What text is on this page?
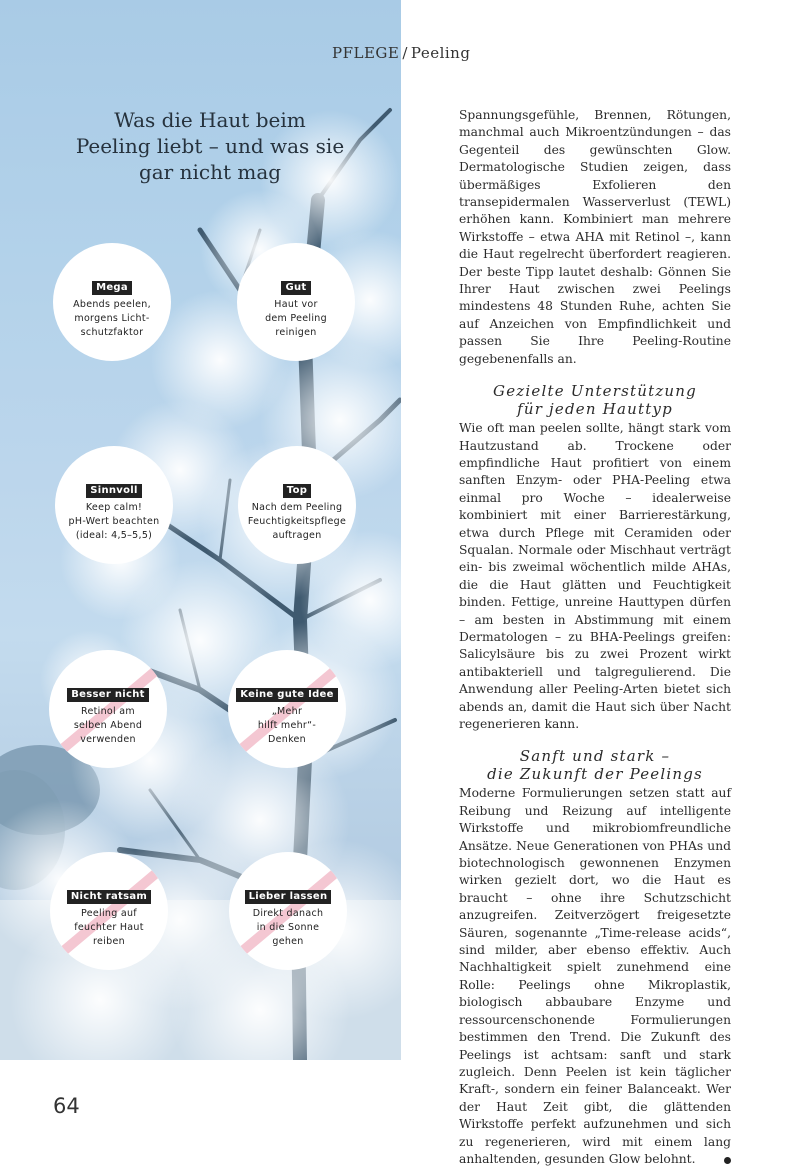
PFLEGE / Peeling
Was die Haut beim
Peeling liebt – und was sie
gar nicht mag
Mega
Abends peelen,
morgens Licht-
schutzfaktor
Gut
Haut vor
dem Peeling
reinigen
Sinnvoll
Keep calm!
pH-Wert beachten
(ideal: 4,5–5,5)
Top
Nach dem Peeling
Feuchtigkeitspflege
auftragen
Besser nicht
Retinol am
selben Abend
verwenden
Keine gute Idee
„Mehr
hilft mehr“-
Denken
Nicht ratsam
Peeling auf
feuchter Haut
reiben
Lieber lassen
Direkt danach
in die Sonne
gehen

Spannungsgefühle, Brennen, Rötungen, manchmal auch Mikroentzündungen – das Gegenteil des gewünschten Glow. Dermatologische Studien zeigen, dass übermäßiges Exfolieren den transepidermalen Wasserverlust (TEWL) erhöhen kann. Kombiniert man mehrere Wirkstoffe – etwa AHA mit Retinol –, kann die Haut regelrecht überfordert reagieren. Der beste Tipp lautet deshalb: Gönnen Sie Ihrer Haut zwischen zwei Peelings mindestens 48 Stunden Ruhe, achten Sie auf Anzeichen von Empfindlichkeit und passen Sie Ihre Peeling-Routine gegebenenfalls an.

Gezielte Unterstützung
für jeden Hauttyp

Wie oft man peelen sollte, hängt stark vom Hautzustand ab. Trockene oder empfindliche Haut profitiert von einem sanften Enzym- oder PHA-Peeling etwa einmal pro Woche – idealerweise kombiniert mit einer Barrierestärkung, etwa durch Pflege mit Ceramiden oder Squalan. Normale oder Mischhaut verträgt ein- bis zweimal wöchentlich milde AHAs, die die Haut glätten und Feuchtigkeit binden. Fettige, unreine Hauttypen dürfen – am besten in Abstimmung mit einem Dermatologen – zu BHA-Peelings greifen: Salicylsäure bis zu zwei Prozent wirkt antibakteriell und talgregulierend. Die Anwendung aller Peeling-Arten bietet sich abends an, damit die Haut sich über Nacht regenerieren kann.

Sanft und stark –
die Zukunft der Peelings

Moderne Formulierungen setzen statt auf Reibung und Reizung auf intelligente Wirkstoffe und mikrobiomfreundliche Ansätze. Neue Generationen von PHAs und biotechnologisch gewonnenen Enzymen wirken gezielt dort, wo die Haut es braucht – ohne ihre Schutzschicht anzugreifen. Zeitverzögert freigesetzte Säuren, sogenannte „Time-release acids“, sind milder, aber ebenso effektiv. Auch Nachhaltigkeit spielt zunehmend eine Rolle: Peelings ohne Mikroplastik, biologisch abbaubare Enzyme und ressourcenschonende Formulierungen bestimmen den Trend. Die Zukunft des Peelings ist achtsam: sanft und stark zugleich. Denn Peelen ist kein täglicher Kraft-, sondern ein feiner Balanceakt. Wer der Haut Zeit gibt, die glättenden Wirkstoffe perfekt aufzunehmen und sich zu regenerieren, wird mit einem lang anhaltenden, gesunden Glow belohnt.

64
